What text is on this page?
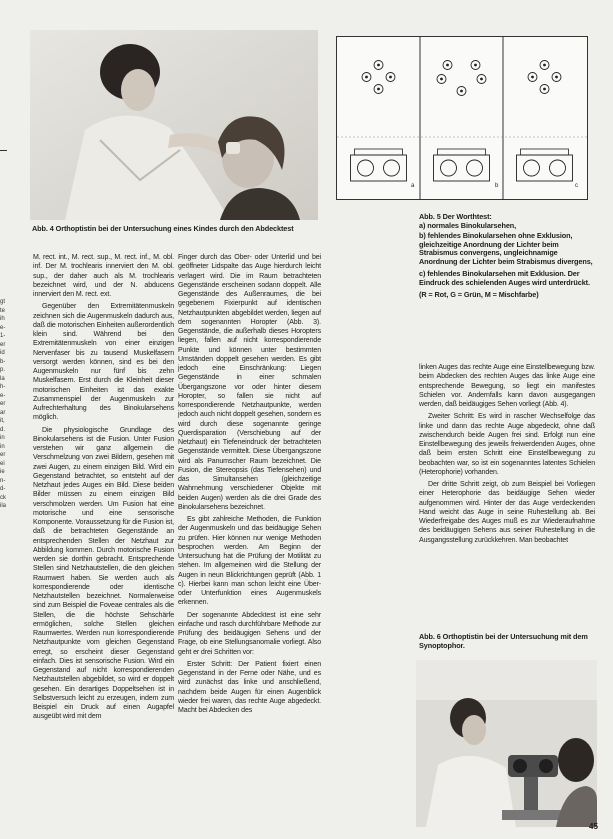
gt
te
ih
e-
1-
er
id
b-
p.
la
h-
e-
er
ar
it,
d.
in
in
er
ei
ie
n-
d-
ck
ila
Abb. 4 Orthoptistin bei der Untersuchung eines Kindes durch den Abdecktest
a	b	c
Abb. 5 Der Worthtest:
a) normales Binokularsehen,
b) fehlendes Binokularsehen ohne Exklusion, gleichzeitige Anordnung der Lichter beim Strabismus convergens, ungleichnamige Anordnung der Lichter beim Strabismus divergens,
c) fehlendes Binokularsehen mit Exklusion. Der Eindruck des schielenden Auges wird unterdrückt.
(R = Rot, G = Grün, M = Mischfarbe)

M. rect. int., M. rect. sup., M. rect. inf., M. obl. inf. Der M. trochlearis innerviert den M. obl. sup., der daher auch als M. trochlearis bezeichnet wird, und der N. abducens innerviert den M. rect. ext.

Gegenüber den Extremitätenmuskeln zeichnen sich die Augenmuskeln dadurch aus, daß die motorischen Einheiten außerordentlich klein sind. Während bei den Extremitätenmuskeln von einer einzigen Nervenfaser bis zu tausend Muskelfasern versorgt werden können, sind es bei den Augenmuskeln nur fünf bis zehn Muskelfasern. Erst durch die Kleinheit dieser motorischen Einheiten ist das exakte Zusammenspiel der Augenmuskeln zur Aufrechterhaltung des Binokularsehens möglich.

Die physiologische Grundlage des Binokularsehens ist die Fusion. Unter Fusion verstehen wir ganz allgemein die Verschmelzung von zwei Bildern, gesehen mit zwei Augen, zu einem einzigen Bild. Wird ein Gegenstand betrachtet, so entsteht auf der Netzhaut jedes Auges ein Bild. Diese beiden Bilder müssen zu einem einzigen Bild verschmolzen werden. Um Fusion hat eine motorische und eine sensorische Komponente. Voraussetzung für die Fusion ist, daß die betrachteten Gegenstände an entsprechenden Stellen der Netzhaut zur Abbildung kommen. Durch motorische Fusion werden sie dorthin gebracht. Entsprechende Stellen sind Netzhautstellen, die den gleichen Raumwert haben. Sie werden auch als korrespondierende oder identische Netzhautstellen bezeichnet. Normalerweise sind zum Beispiel die Foveae centrales als die Stellen, die die höchste Sehschärfe ermöglichen, solche Stellen gleichen Raumwertes. Werden nun korrespondierende Netzhautpunkte vom gleichen Gegenstand erregt, so erscheint dieser Gegenstand einfach. Dies ist sensorische Fusion. Wird ein Gegenstand auf nicht korrespondierenden Netzhautstellen abgebildet, so wird er doppelt gesehen. Ein derartiges Doppeltsehen ist in Selbstversuch leicht zu erzeugen, indem zum Beispiel ein Druck auf einen Augapfel ausgeübt wird mit dem

Finger durch das Ober- oder Unterlid und bei geöffneter Lidspalte das Auge hierdurch leicht verlagert wird. Die im Raum betrachteten Gegenstände erscheinen sodann doppelt. Alle Gegenstände des Außenraumes, die bei gegebenem Fixierpunkt auf identischen Netzhautpunkten abgebildet werden, liegen auf dem sogenannten Horopter (Abb. 3). Gegenstände, die außerhalb dieses Horopters liegen, fallen auf nicht korrespondierende Punkte und können unter bestimmten Umständen doppelt gesehen werden. Es gibt jedoch eine Einschränkung: Liegen Gegenstände in einer schmalen Übergangszone vor oder hinter diesem Horopter, so fallen sie nicht auf korrespondierende Netzhautpunkte, werden jedoch auch nicht doppelt gesehen, sondern es wird durch diese sogenannte geringe Querdisparation (Verschiebung auf der Netzhaut) ein Tiefeneindruck der betrachteten Gegenstände vermittelt. Diese Übergangszone wird als Panumscher Raum bezeichnet. Die Fusion, die Stereopsis (das Tiefensehen) und das Simultansehen (gleichzeitige Wahrnehmung verschiedener Objekte mit beiden Augen) werden als die drei Grade des Binokularsehens bezeichnet.

Es gibt zahlreiche Methoden, die Funktion der Augenmuskeln und das beidäugige Sehen zu prüfen. Hier können nur wenige Methoden besprochen werden. Am Beginn der Untersuchung hat die Prüfung der Motilität zu stehen. Im allgemeinen wird die Stellung der Augen in neun Blickrichtungen geprüft (Abb. 1 c). Hierbei kann man schon leicht eine Über- oder Unterfunktion eines Augenmuskels erkennen.

Der sogenannte Abdecktest ist eine sehr einfache und rasch durchführbare Methode zur Prüfung des beidäugigen Sehens und der Frage, ob eine Stellungsanomalie vorliegt. Also geht er drei Schritten vor:

Erster Schritt: Der Patient fixiert einen Gegenstand in der Ferne oder Nähe, und es wird zunächst das linke und anschließend, nachdem beide Augen für einen Augenblick wieder frei waren, das rechte Auge abgedeckt. Macht bei Abdecken des

linken Auges das rechte Auge eine Einstellbewegung bzw. beim Abdecken des rechten Auges das linke Auge eine entsprechende Bewegung, so liegt ein manifestes Schielen vor. Andernfalls kann davon ausgegangen werden, daß beidäugiges Sehen vorliegt (Abb. 4).

Zweiter Schritt: Es wird in rascher Wechselfolge das linke und dann das rechte Auge abgedeckt, ohne daß zwischendurch beide Augen frei sind. Erfolgt nun eine Einstellbewegung des jeweils freiwerdenden Auges, ohne daß beim ersten Schritt eine Einstellbewegung zu beobachten war, so ist ein sogenanntes latentes Schielen (Heterophorie) vorhanden.

Der dritte Schritt zeigt, ob zum Beispiel bei Vorliegen einer Heterophorie das beidäugige Sehen wieder aufgenommen wird. Hinter der das Auge verdeckenden Hand weicht das Auge in seine Ruhestellung ab. Bei Wiederfreigabe des Auges muß es zur Wiederaufnahme des beidäugigen Sehens aus seiner Ruhestellung in die Ausgangsstellung zurückkehren. Man beobachtet

Abb. 6 Orthoptistin bei der Untersuchung mit dem Synoptophor.
45
